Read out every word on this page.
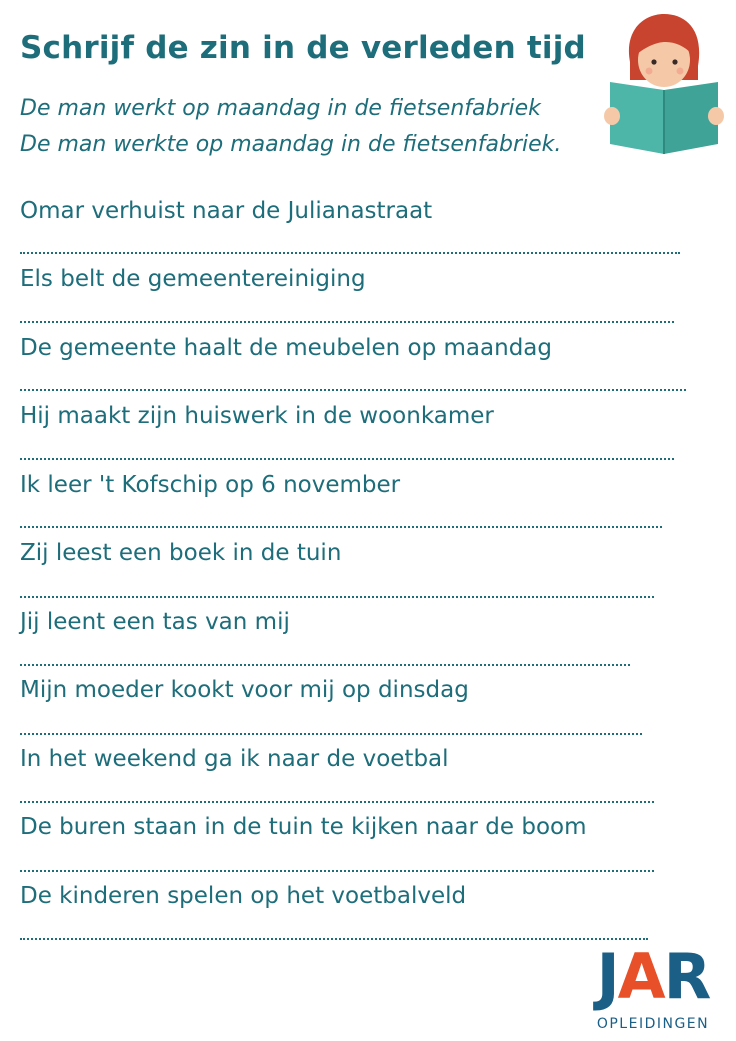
Schrijf de zin in de verleden tijd

De man werkt op maandag in de fietsenfabriek

De man werkte op maandag in de fietsenfabriek.

Omar verhuist naar de Julianastraat

Els belt de gemeentereiniging

De gemeente haalt de meubelen op maandag

Hij maakt zijn huiswerk in de woonkamer

Ik leer 't Kofschip op 6 november

Zij leest een boek in de tuin

Jij leent een tas van mij

Mijn moeder kookt voor mij op dinsdag

In het weekend ga ik naar de voetbal

De buren staan in de tuin te kijken naar de boom

De kinderen spelen op het voetbalveld

JAR
OPLEIDINGEN
